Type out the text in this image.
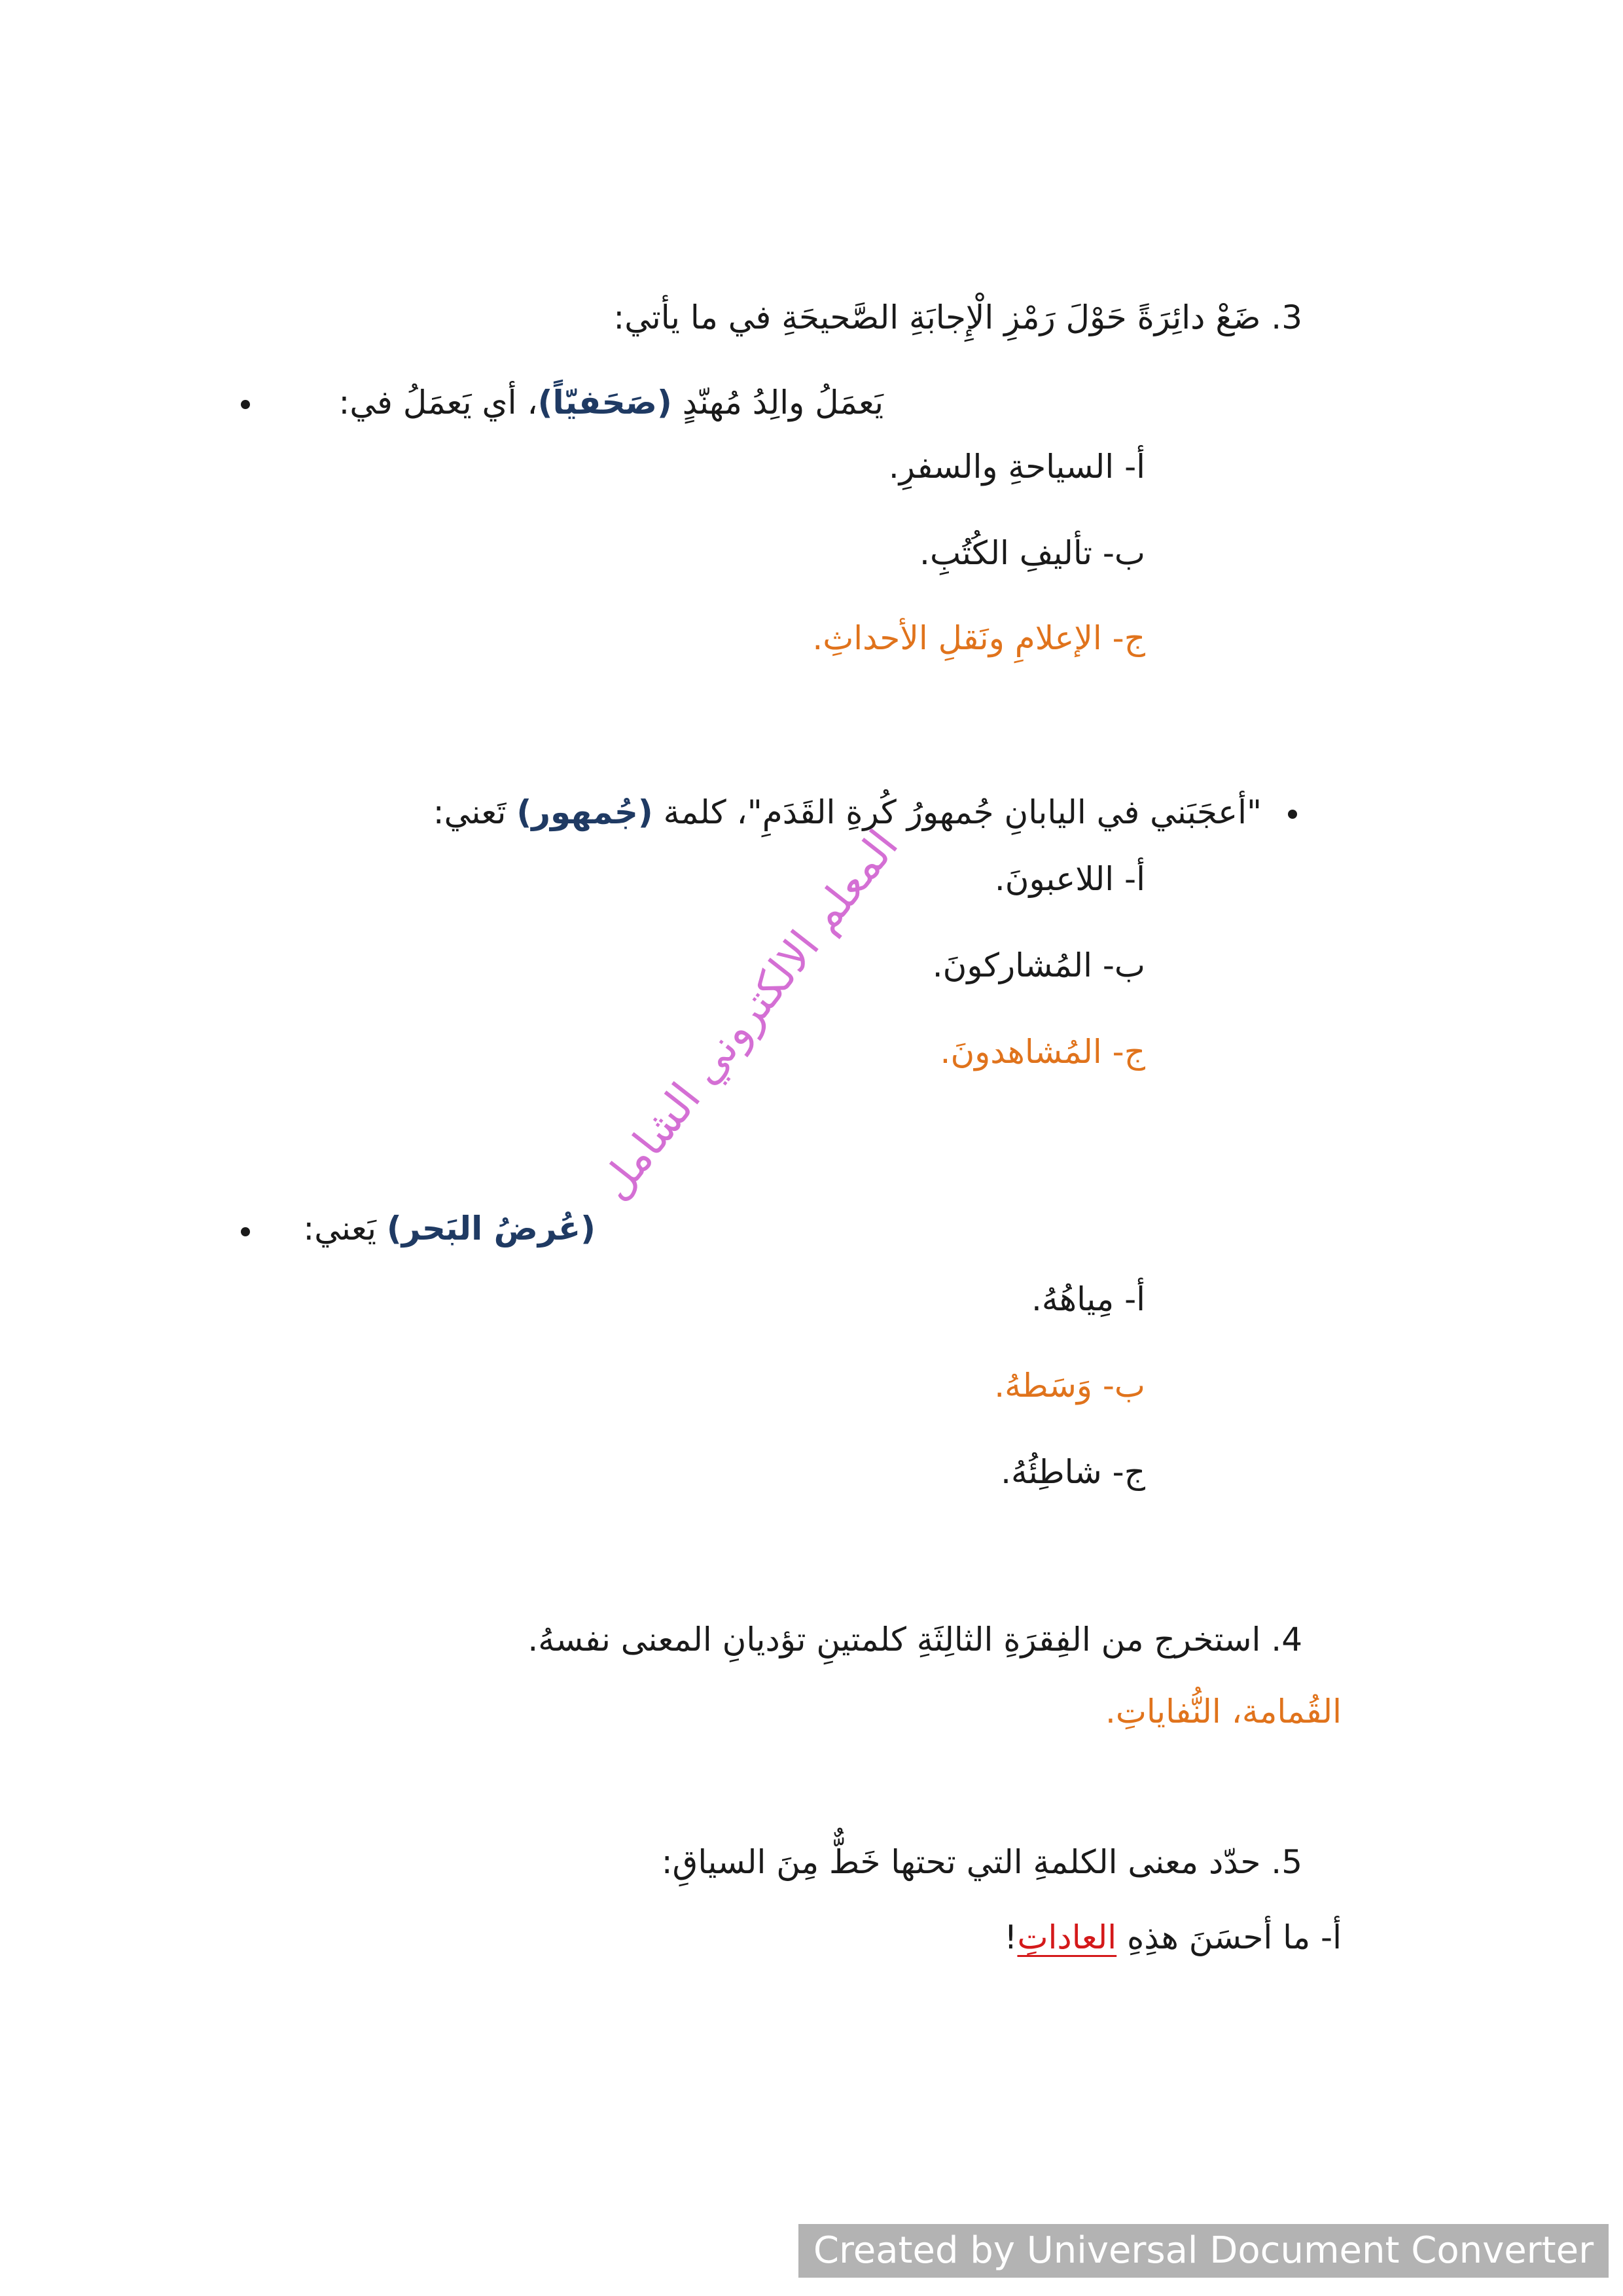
3. ضَعْ دائِرَةً حَوْلَ رَمْزِ الْإِجابَةِ الصَّحيحَةِ في ما يأتي:
يَعمَلُ والِدُ مُهنّدٍ (صَحَفيّاً)، أي يَعمَلُ في:
أ- السياحةِ والسفرِ.
ب- تأليفِ الكُتُبِ.
ج- الإعلامِ ونَقلِ الأحداثِ.
"أعجَبَني في اليابانِ جُمهورُ كُرةِ القَدَمِ"، كلمة (جُمهور) تَعني:
أ- اللاعبونَ.
ب- المُشاركونَ.
ج- المُشاهدونَ.
(عُرضُ البَحر) يَعني:
أ- مِياهُهُ.
ب- وَسَطهُ.
ج- شاطِئُهُ.
4. استخرج من الفِقرَةِ الثالِثَةِ كلمتينِ تؤديانِ المعنى نفسهُ.
القُمامة، النُّفاياتِ.
5. حدّد معنى الكلمةِ التي تحتها خَطٌّ مِنَ السياقِ:
أ- ما أحسَنَ هذِهِ العاداتِ!
المعلم الالكتروني الشامل
Created by Universal Document Converter
